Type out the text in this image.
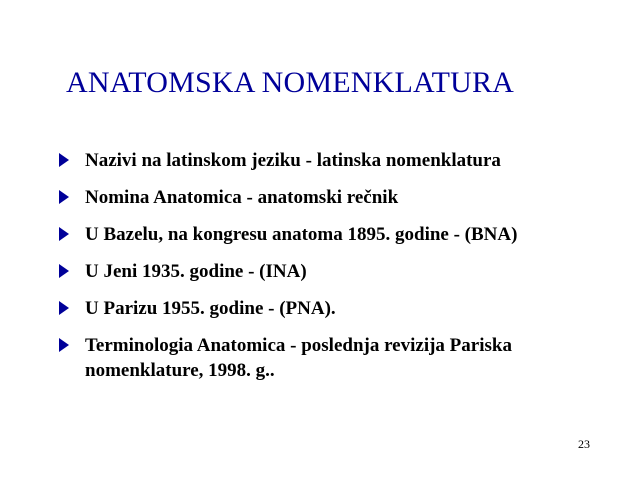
ANATOMSKA NOMENKLATURA
Nazivi na latinskom jeziku - latinska nomenklatura
Nomina Anatomica - anatomski rečnik
U Bazelu, na kongresu anatoma 1895. godine - (BNA)
U Jeni 1935. godine - (INA)
U Parizu 1955. godine - (PNA).
Terminologia Anatomica - poslednja revizija Pariska nomenklature, 1998. g..
23
